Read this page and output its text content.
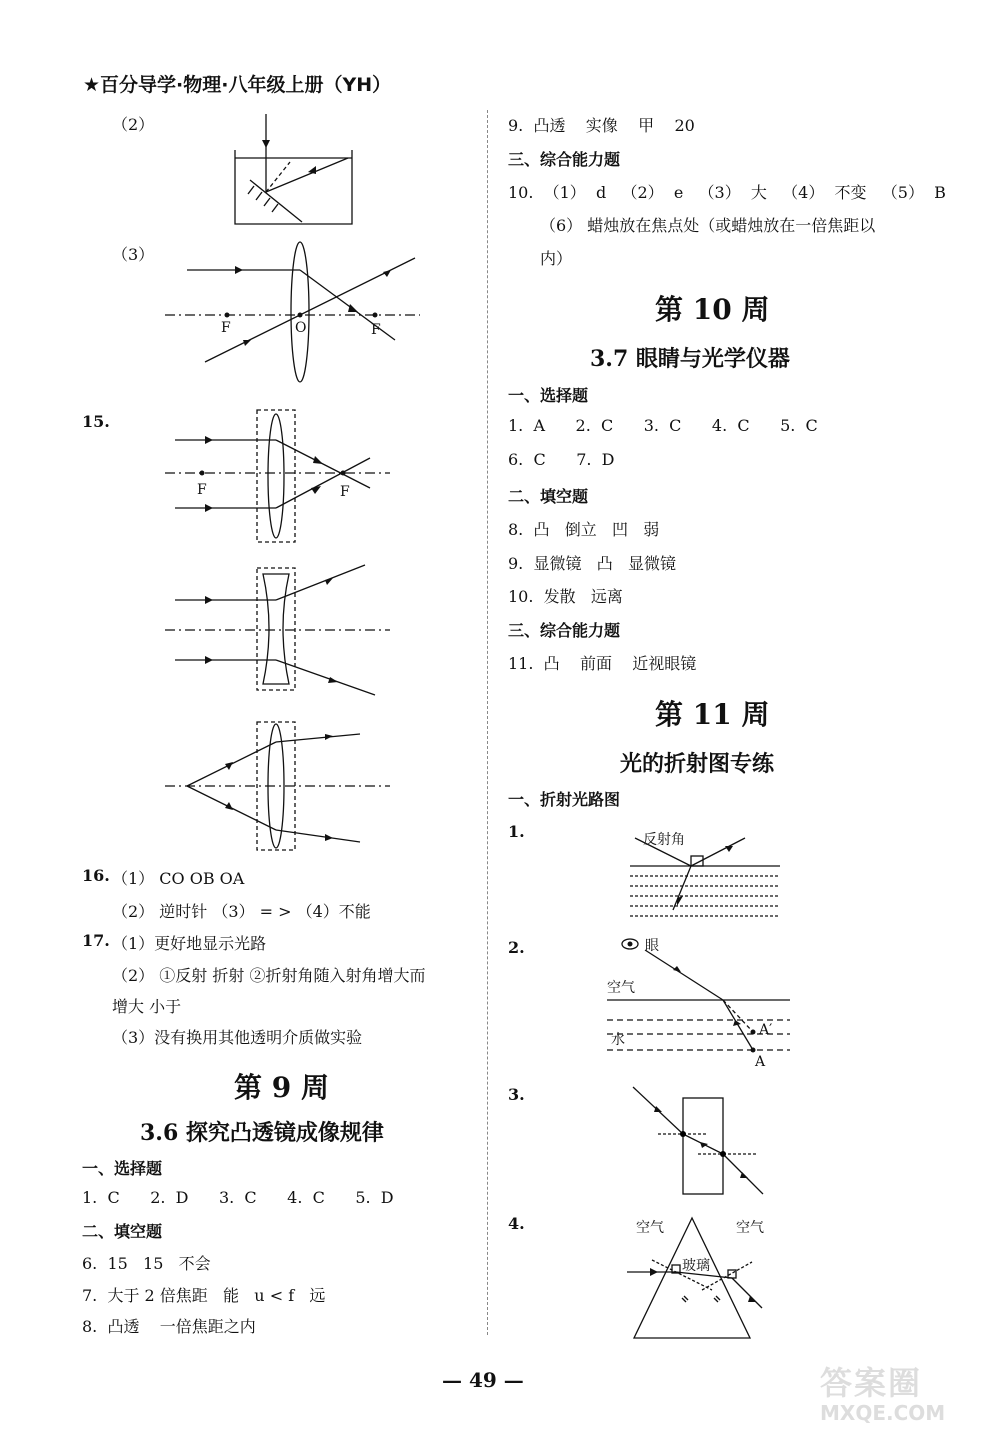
★百分导学·物理·八年级上册（YH）
（2）
（3）
F	O	F
15.
F	F
16. （1） CO OB OA
（2） 逆时针 （3） = > （4）不能
17. （1）更好地显示光路
（2） ①反射 折射 ②折射角随入射角增大而
增大 小于
（3）没有换用其他透明介质做实验
第 9 周
3.6 探究凸透镜成像规律
一、选择题
1.  C      2.  D      3.  C      4.  C      5.  D
二、填空题
6.  15   15   不会
7.  大于 2 倍焦距   能   u < f   远
8.  凸透    一倍焦距之内
9.  凸透    实像    甲    20
三、综合能力题
10.  （1）  d   （2）  e   （3）  大   （4）  不变   （5）  B
（6） 蜡烛放在焦点处（或蜡烛放在一倍焦距以
内）
第 10 周
3.7 眼睛与光学仪器
一、选择题
1.  A      2.  C      3.  C      4.  C      5.  C
6.  C      7.  D
二、填空题
8.  凸   倒立   凹   弱
9.  显微镜   凸   显微镜
10.  发散   远离
三、综合能力题
11.  凸    前面    近视眼镜
第 11 周
光的折射图专练
一、折射光路图
1.	反射角
2.	眼
空气
水
A′
A
3.
4.	空气	空气
玻璃
— 49 —	答案圈
MXQE.COM
